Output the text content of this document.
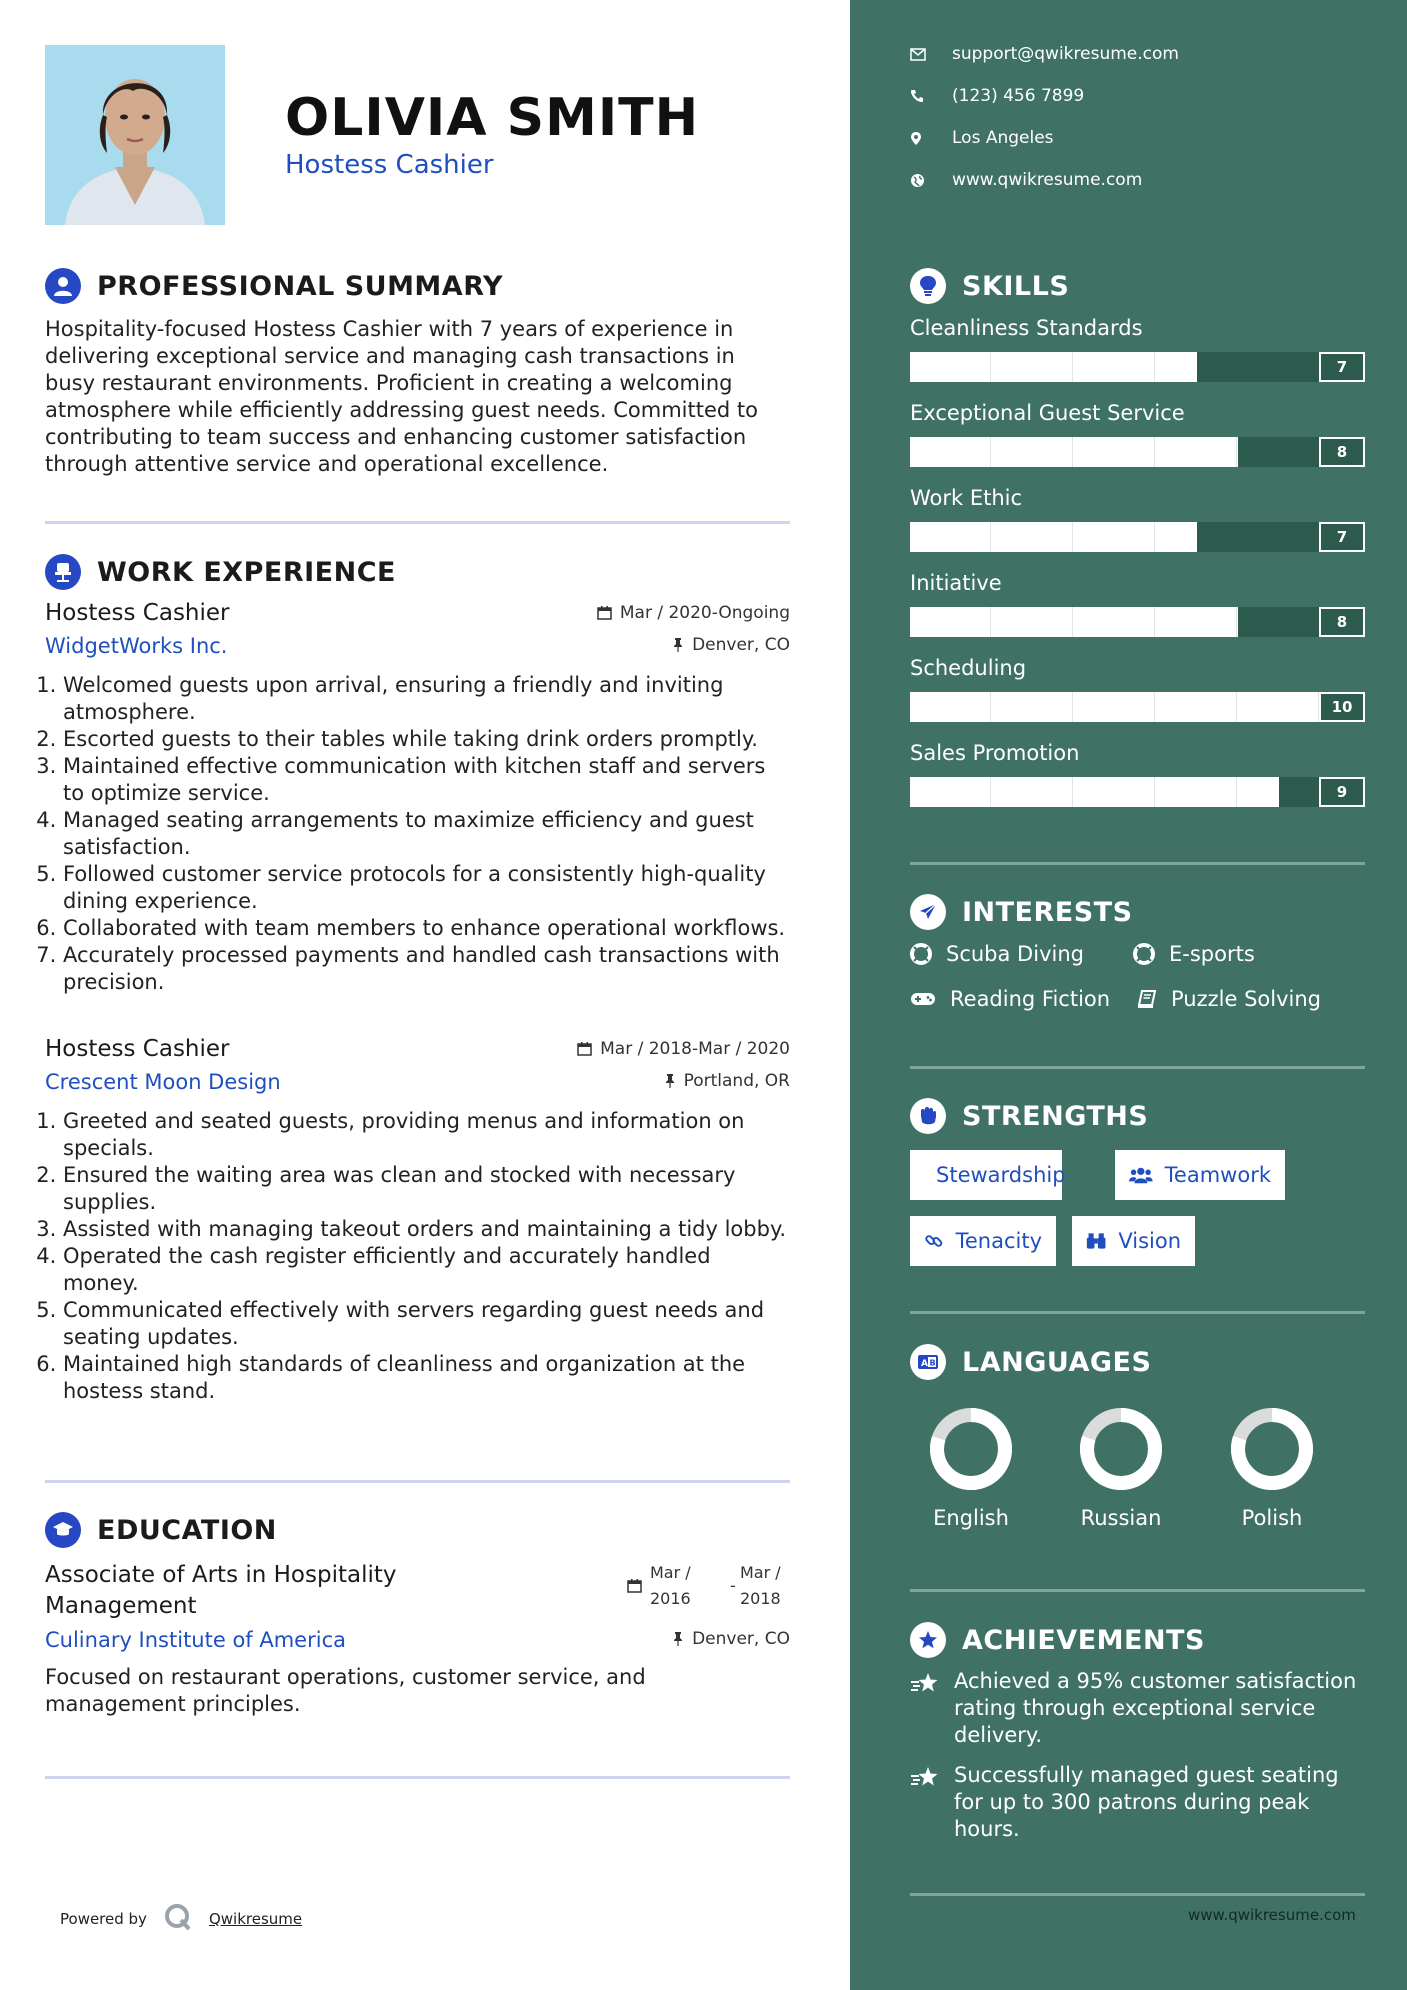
OLIVIA SMITH
Hostess Cashier
PROFESSIONAL SUMMARY
Hospitality-focused Hostess Cashier with 7 years of experience in delivering exceptional service and managing cash transactions in busy restaurant environments. Proficient in creating a welcoming atmosphere while efficiently addressing guest needs. Committed to contributing to team success and enhancing customer satisfaction through attentive service and operational excellence.
WORK EXPERIENCE
Hostess Cashier	Mar / 2020-Ongoing
WidgetWorks Inc.	Denver, CO
1. Welcomed guests upon arrival, ensuring a friendly and inviting atmosphere.
2. Escorted guests to their tables while taking drink orders promptly.
3. Maintained effective communication with kitchen staff and servers to optimize service.
4. Managed seating arrangements to maximize efficiency and guest satisfaction.
5. Followed customer service protocols for a consistently high-quality dining experience.
6. Collaborated with team members to enhance operational workflows.
7. Accurately processed payments and handled cash transactions with precision.
Hostess Cashier	Mar / 2018-Mar / 2020
Crescent Moon Design	Portland, OR
1. Greeted and seated guests, providing menus and information on specials.
2. Ensured the waiting area was clean and stocked with necessary supplies.
3. Assisted with managing takeout orders and maintaining a tidy lobby.
4. Operated the cash register efficiently and accurately handled money.
5. Communicated effectively with servers regarding guest needs and seating updates.
6. Maintained high standards of cleanliness and organization at the hostess stand.
EDUCATION
Associate of Arts in Hospitality Management
Mar /
2016
-
Mar /
2018
Culinary Institute of America	Denver, CO
Focused on restaurant operations, customer service, and management principles.
Powered by	Qwikresume
support@qwikresume.com
(123) 456 7899
Los Angeles
www.qwikresume.com
SKILLS
Cleanliness Standards
7
Exceptional Guest Service
8
Work Ethic
7
Initiative
8
Scheduling
10
Sales Promotion
9
INTERESTS
Scuba Diving	E-sports
Reading Fiction	Puzzle Solving
STRENGTHS
Stewardship	Teamwork
Tenacity	Vision
A B LANGUAGES
English	Russian	Polish
ACHIEVEMENTS
Achieved a 95% customer satisfaction rating through exceptional service delivery.
Successfully managed guest seating for up to 300 patrons during peak hours.
www.qwikresume.com
